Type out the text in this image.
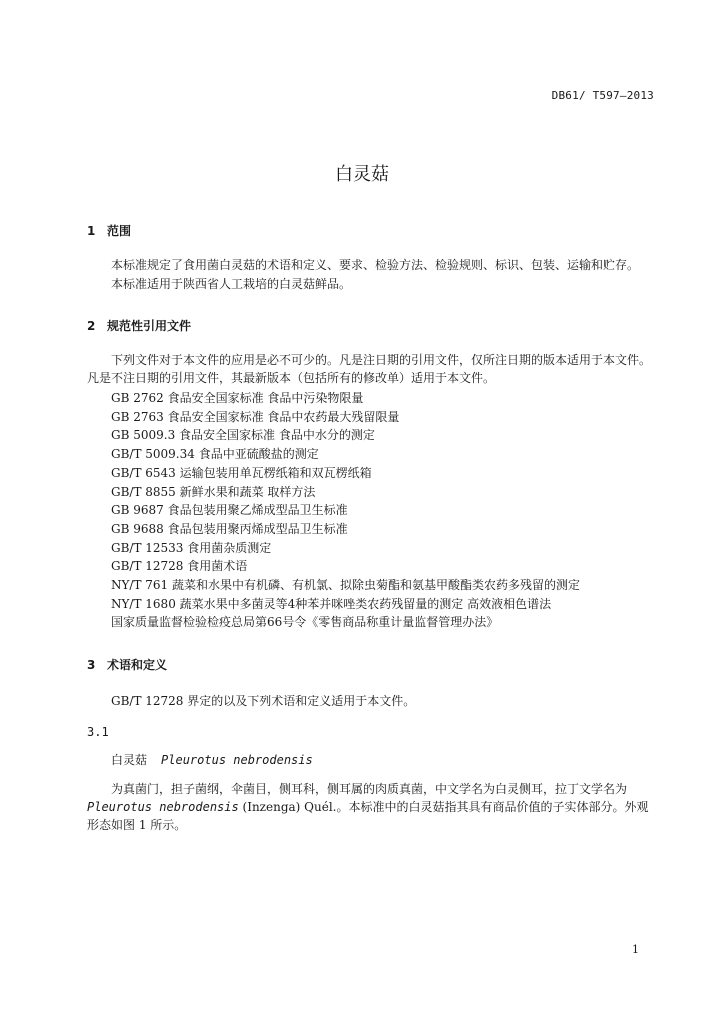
DB61/ T597—2013
白灵菇
1 范围
本标准规定了食用菌白灵菇的术语和定义、要求、检验方法、检验规则、标识、包装、运输和贮存。
本标准适用于陕西省人工栽培的白灵菇鲜品。
2 规范性引用文件
下列文件对于本文件的应用是必不可少的。凡是注日期的引用文件，仅所注日期的版本适用于本文件。凡是不注日期的引用文件，其最新版本（包括所有的修改单）适用于本文件。
GB 2762 食品安全国家标准 食品中污染物限量
GB 2763 食品安全国家标准 食品中农药最大残留限量
GB 5009.3 食品安全国家标准 食品中水分的测定
GB/T 5009.34 食品中亚硫酸盐的测定
GB/T 6543 运输包装用单瓦楞纸箱和双瓦楞纸箱
GB/T 8855 新鲜水果和蔬菜 取样方法
GB 9687 食品包装用聚乙烯成型品卫生标准
GB 9688 食品包装用聚丙烯成型品卫生标准
GB/T 12533 食用菌杂质测定
GB/T 12728 食用菌术语
NY/T 761 蔬菜和水果中有机磷、有机氯、拟除虫菊酯和氨基甲酸酯类农药多残留的测定
NY/T 1680 蔬菜水果中多菌灵等4种苯并咪唑类农药残留量的测定 高效液相色谱法
国家质量监督检验检疫总局第66号令《零售商品称重计量监督管理办法》
3 术语和定义
GB/T 12728 界定的以及下列术语和定义适用于本文件。
3.1
白灵菇 Pleurotus nebrodensis
为真菌门，担子菌纲，伞菌目，侧耳科，侧耳属的肉质真菌，中文学名为白灵侧耳，拉丁文学名为Pleurotus nebrodensis (Inzenga) Quél.。本标准中的白灵菇指其具有商品价值的子实体部分。外观形态如图 1 所示。
1
